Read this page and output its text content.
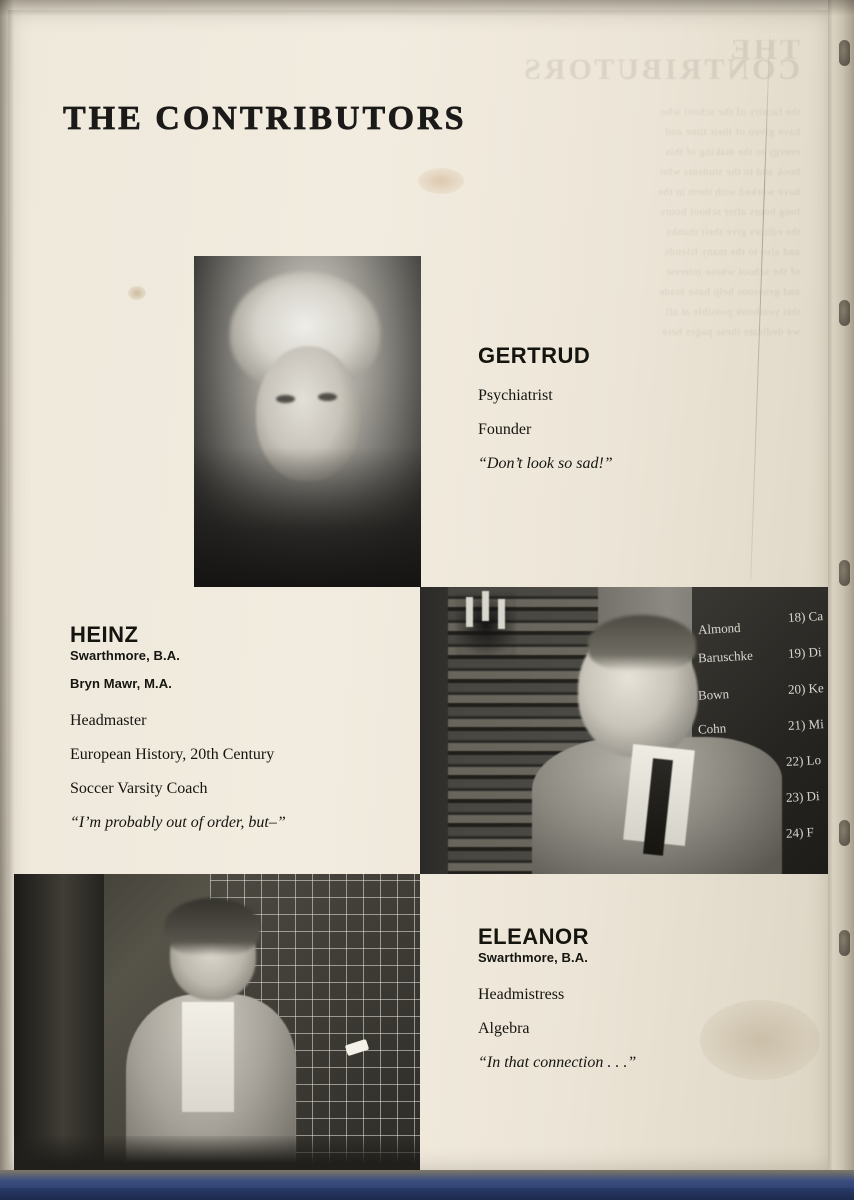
THE CONTRIBUTORS
GERTRUD
Psychiatrist
Founder
“Don’t look so sad!”
Almond
Baruschke
Bown
Cohn
18) Ca
19) Di
20) Ke
21) Mi
22) Lo
23) Di
24) F
HEINZ
Swarthmore, B.A.
Bryn Mawr, M.A.
Headmaster
European History, 20th Century
Soccer Varsity Coach
“I’m probably out of order, but–”
ELEANOR
Swarthmore, B.A.
Headmistress
Algebra
“In that connection . . .”
